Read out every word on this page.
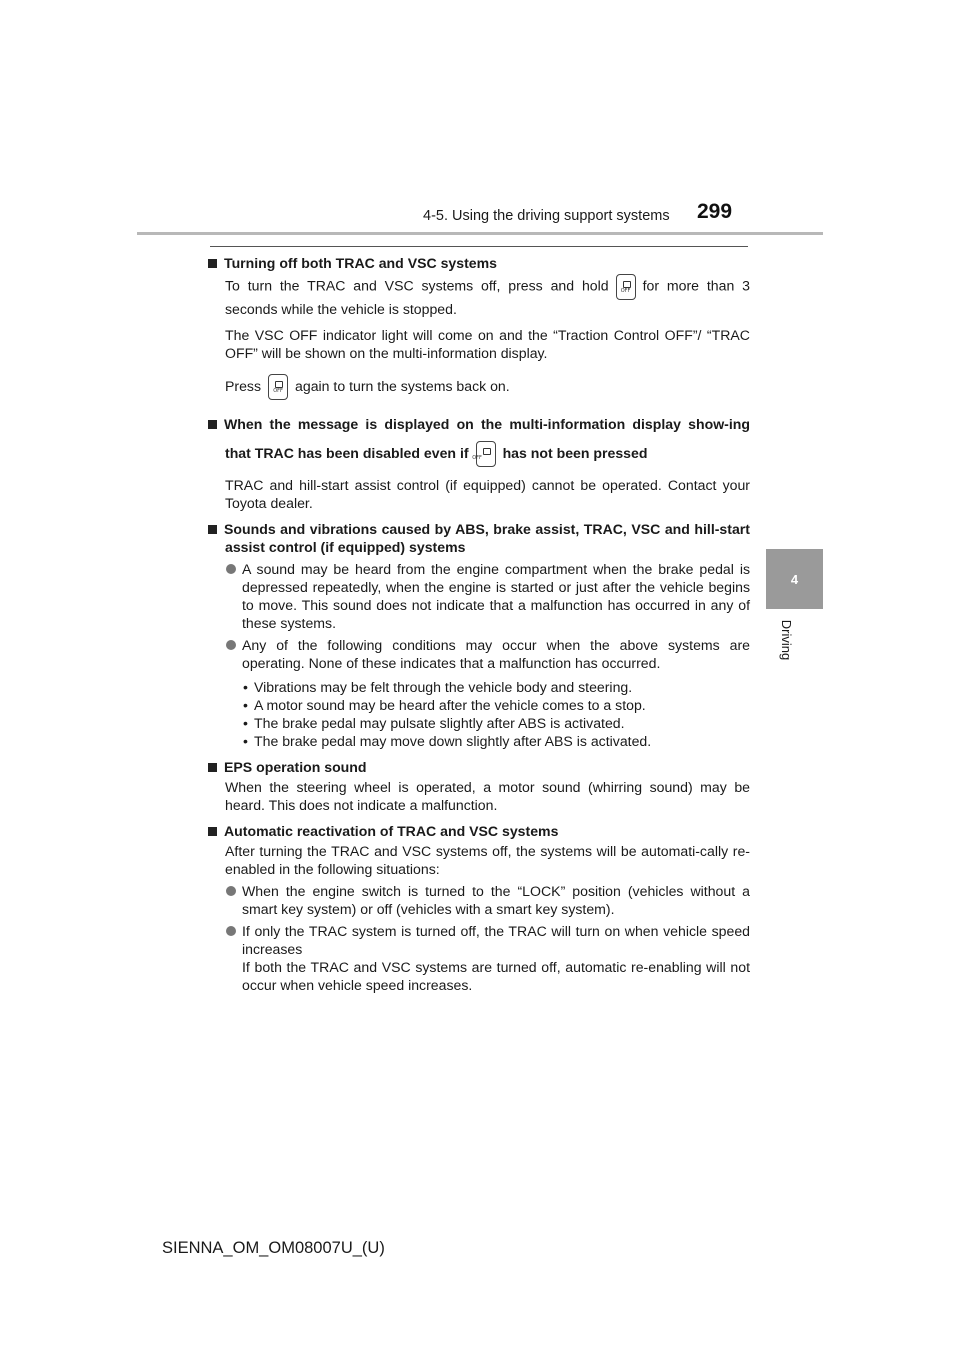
4-5. Using the driving support systems 299
4
Driving

Turning off both TRAC and VSC systems

To turn the TRAC and VSC systems off, press and hold OFF for more than 3 seconds while the vehicle is stopped.

The VSC OFF indicator light will come on and the “Traction Control OFF”/ “TRAC OFF” will be shown on the multi-information display.

Press OFF again to turn the systems back on.

When the message is displayed on the multi-information display show-ing that TRAC has been disabled even if OFF has not been pressed

TRAC and hill-start assist control (if equipped) cannot be operated. Contact your Toyota dealer.

Sounds and vibrations caused by ABS, brake assist, TRAC, VSC and hill-start assist control (if equipped) systems

A sound may be heard from the engine compartment when the brake pedal is depressed repeatedly, when the engine is started or just after the vehicle begins to move. This sound does not indicate that a malfunction has occurred in any of these systems.

Any of the following conditions may occur when the above systems are operating. None of these indicates that a malfunction has occurred.

• Vibrations may be felt through the vehicle body and steering.

• A motor sound may be heard after the vehicle comes to a stop.

• The brake pedal may pulsate slightly after ABS is activated.

• The brake pedal may move down slightly after ABS is activated.

EPS operation sound

When the steering wheel is operated, a motor sound (whirring sound) may be heard. This does not indicate a malfunction.

Automatic reactivation of TRAC and VSC systems

After turning the TRAC and VSC systems off, the systems will be automati-cally re-enabled in the following situations:

When the engine switch is turned to the “LOCK” position (vehicles without a smart key system) or off (vehicles with a smart key system).

If only the TRAC system is turned off, the TRAC will turn on when vehicle speed increases
If both the TRAC and VSC systems are turned off, automatic re-enabling will not occur when vehicle speed increases.

SIENNA_OM_OM08007U_(U)
